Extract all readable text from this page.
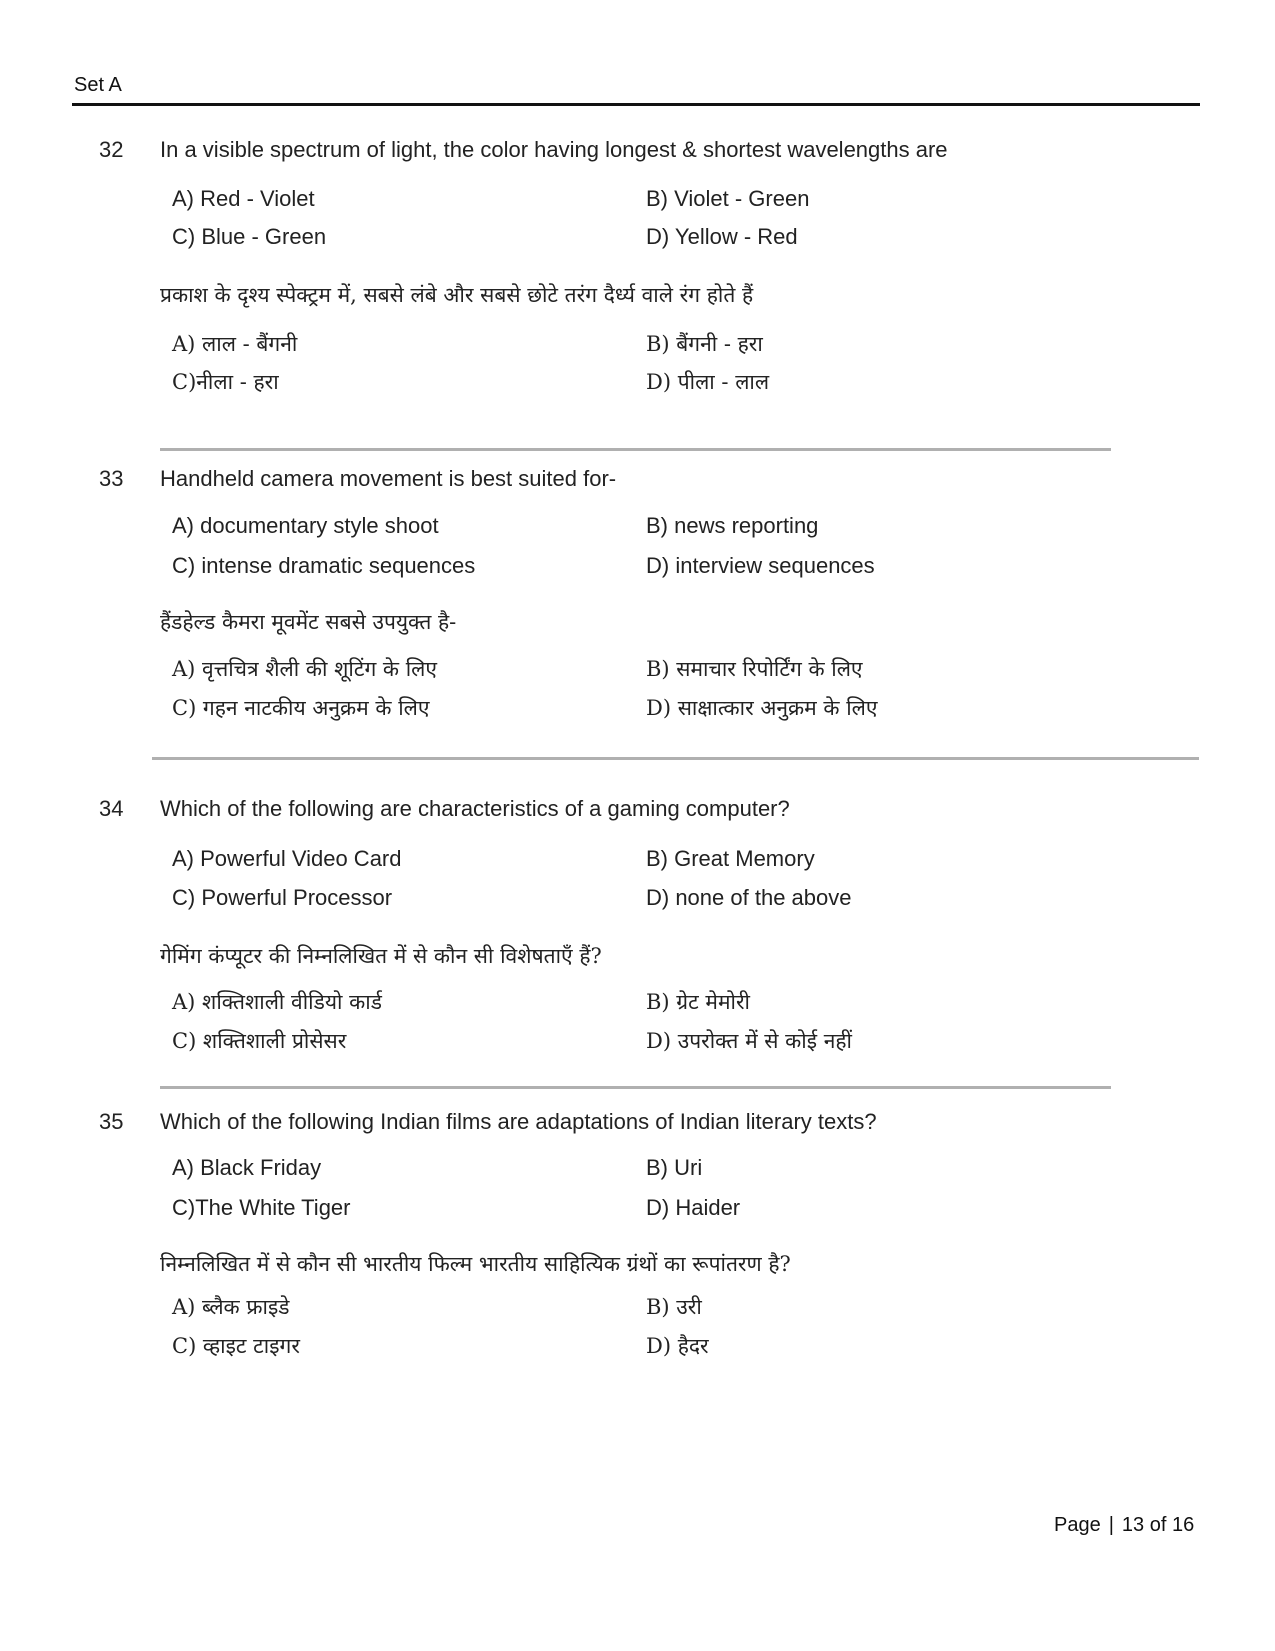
Set A
32 In a visible spectrum of light, the color having longest & shortest wavelengths are
A) Red - Violet	B) Violet - Green
C) Blue - Green	D) Yellow - Red
प्रकाश के दृश्य स्पेक्ट्रम में, सबसे लंबे और सबसे छोटे तरंग दैर्ध्य वाले रंग होते हैं
A) लाल - बैंगनी	B) बैंगनी - हरा
C)नीला - हरा	D) पीला - लाल
33 Handheld camera movement is best suited for-
A) documentary style shoot	B) news reporting
C) intense dramatic sequences	D) interview sequences
हैंडहेल्ड कैमरा मूवमेंट सबसे उपयुक्त है-
A) वृत्तचित्र शैली की शूटिंग के लिए	B) समाचार रिपोर्टिंग के लिए
C) गहन नाटकीय अनुक्रम के लिए	D) साक्षात्कार अनुक्रम के लिए
34 Which of the following are characteristics of a gaming computer?
A) Powerful Video Card	B) Great Memory
C) Powerful Processor	D) none of the above
गेमिंग कंप्यूटर की निम्नलिखित में से कौन सी विशेषताएँ हैं?
A) शक्तिशाली वीडियो कार्ड	B) ग्रेट मेमोरी
C) शक्तिशाली प्रोसेसर	D) उपरोक्त में से कोई नहीं
35 Which of the following Indian films are adaptations of Indian literary texts?
A) Black Friday	B) Uri
C)The White Tiger	D) Haider
निम्नलिखित में से कौन सी भारतीय फिल्म भारतीय साहित्यिक ग्रंथों का रूपांतरण है?
A) ब्लैक फ्राइडे	B) उरी
C) व्हाइट टाइगर	D) हैदर
Page | 13 of 16
